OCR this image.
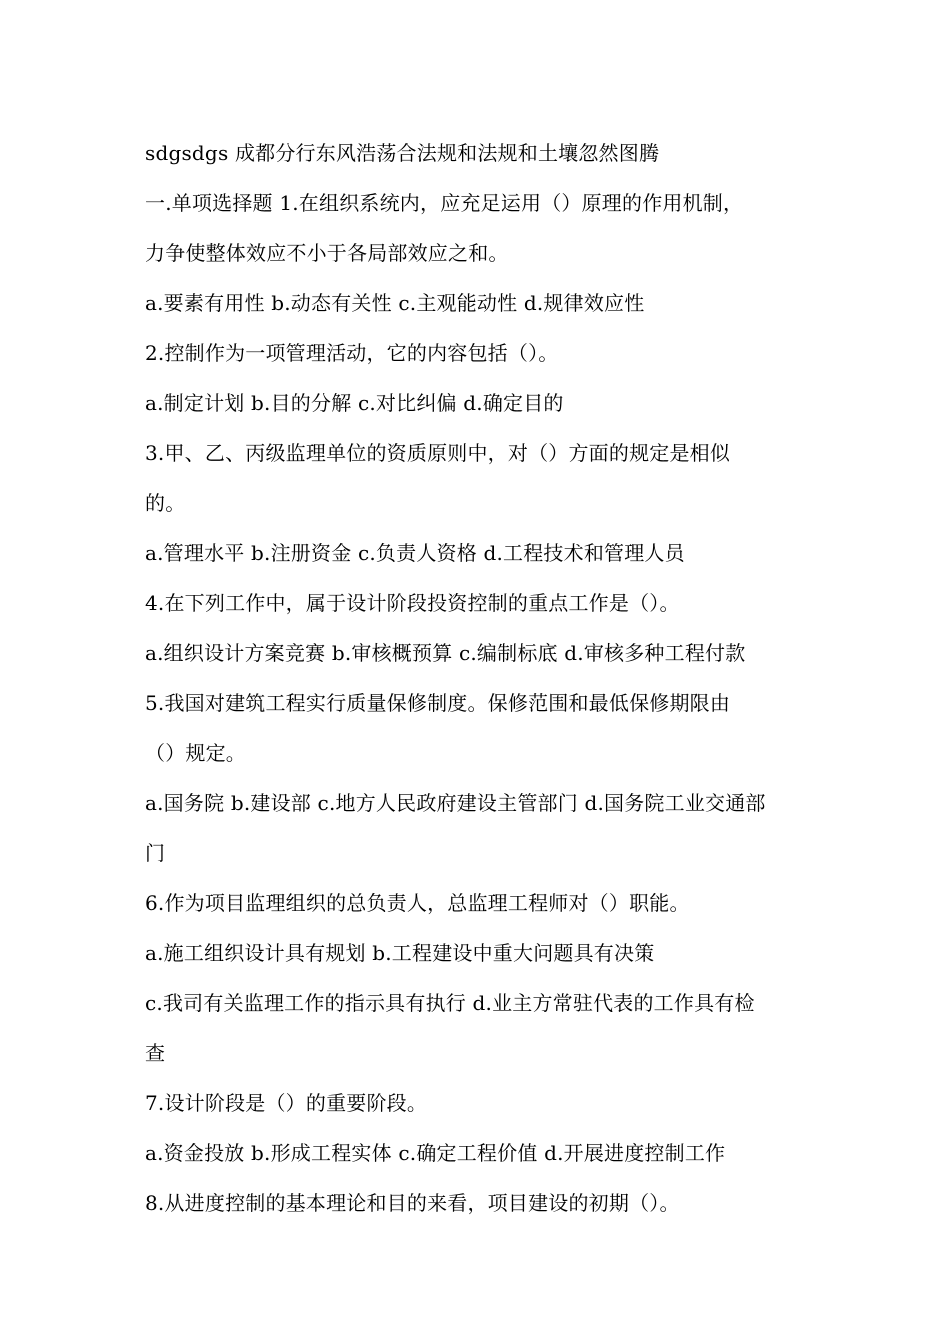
sdgsdgs 成都分行东风浩荡合法规和法规和土壤忽然图腾

一.单项选择题 1.在组织系统内，应充足运用（）原理的作用机制，

力争使整体效应不小于各局部效应之和。

a.要素有用性 b.动态有关性 c.主观能动性 d.规律效应性

2.控制作为一项管理活动，它的内容包括（）。

a.制定计划 b.目的分解 c.对比纠偏 d.确定目的

3.甲、乙、丙级监理单位的资质原则中，对（）方面的规定是相似

的。

a.管理水平 b.注册资金 c.负责人资格 d.工程技术和管理人员

4.在下列工作中，属于设计阶段投资控制的重点工作是（）。

a.组织设计方案竞赛 b.审核概预算 c.编制标底 d.审核多种工程付款

5.我国对建筑工程实行质量保修制度。保修范围和最低保修期限由

（）规定。

a.国务院 b.建设部 c.地方人民政府建设主管部门 d.国务院工业交通部

门

6.作为项目监理组织的总负责人，总监理工程师对（）职能。

a.施工组织设计具有规划 b.工程建设中重大问题具有决策

c.我司有关监理工作的指示具有执行 d.业主方常驻代表的工作具有检

查

7.设计阶段是（）的重要阶段。

a.资金投放 b.形成工程实体 c.确定工程价值 d.开展进度控制工作

8.从进度控制的基本理论和目的来看，项目建设的初期（）。
